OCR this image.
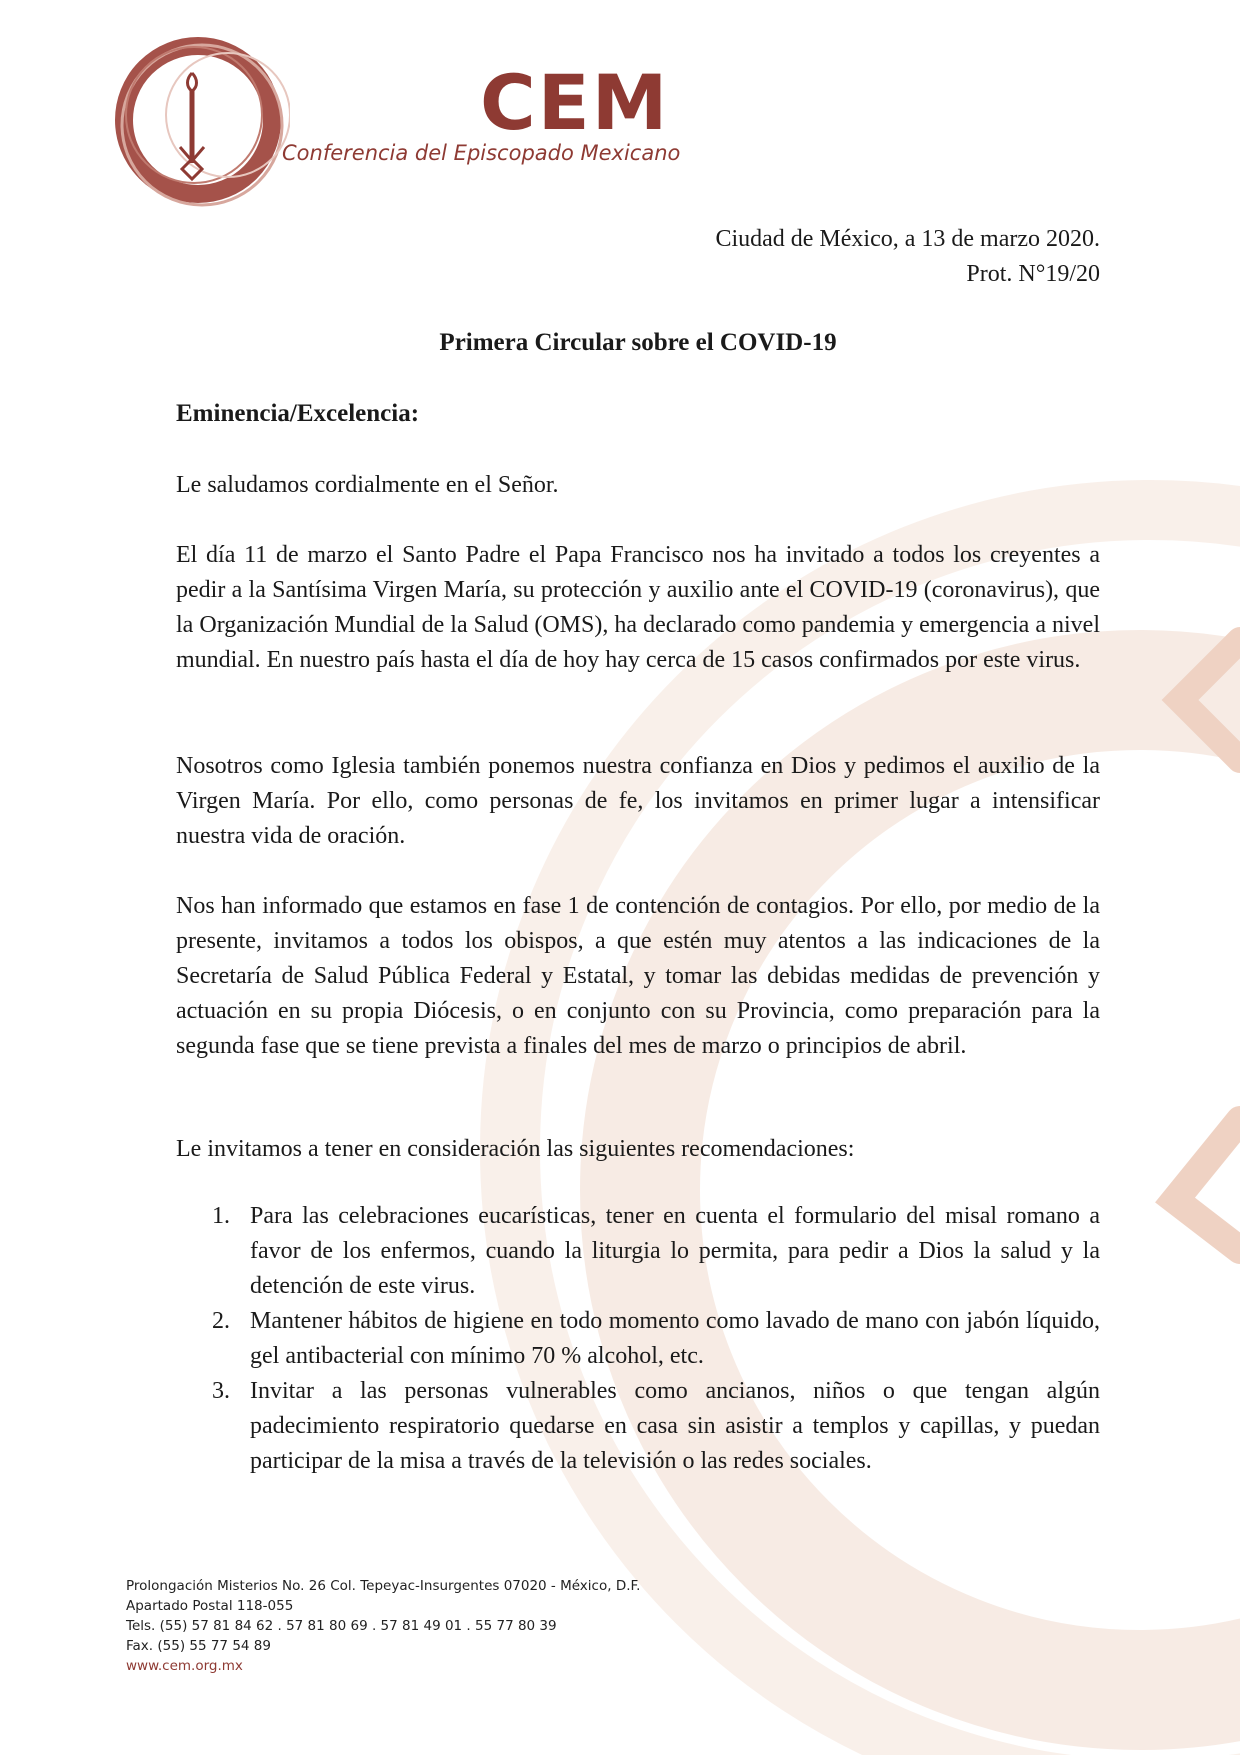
CEM
Conferencia del Episcopado Mexicano
Ciudad de México, a 13 de marzo 2020.
Prot. N°19/20
Primera Circular sobre el COVID-19
Eminencia/Excelencia:

Le saludamos cordialmente en el Señor.

El día 11 de marzo el Santo Padre el Papa Francisco nos ha invitado a todos los creyentes a pedir a la Santísima Virgen María, su protección y auxilio ante el COVID-19 (coronavirus), que la Organización Mundial de la Salud (OMS), ha declarado como pandemia y emergencia a nivel mundial. En nuestro país hasta el día de hoy hay cerca de 15 casos confirmados por este virus.

Nosotros como Iglesia también ponemos nuestra confianza en Dios y pedimos el auxilio de la Virgen María. Por ello, como personas de fe, los invitamos en primer lugar a intensificar nuestra vida de oración.

Nos han informado que estamos en fase 1 de contención de contagios. Por ello, por medio de la presente, invitamos a todos los obispos, a que estén muy atentos a las indicaciones de la Secretaría de Salud Pública Federal y Estatal, y tomar las debidas medidas de prevención y actuación en su propia Diócesis, o en conjunto con su Provincia, como preparación para la segunda fase que se tiene prevista a finales del mes de marzo o principios de abril.

Le invitamos a tener en consideración las siguientes recomendaciones:

1. Para las celebraciones eucarísticas, tener en cuenta el formulario del misal romano a favor de los enfermos, cuando la liturgia lo permita, para pedir a Dios la salud y la detención de este virus.
2. Mantener hábitos de higiene en todo momento como lavado de mano con jabón líquido, gel antibacterial con mínimo 70 % alcohol, etc.
3. Invitar a las personas vulnerables como ancianos, niños o que tengan algún padecimiento respiratorio quedarse en casa sin asistir a templos y capillas, y puedan participar de la misa a través de la televisión o las redes sociales.
Prolongación Misterios No. 26 Col. Tepeyac-Insurgentes 07020 - México, D.F.
Apartado Postal 118-055
Tels. (55) 57 81 84 62 . 57 81 80 69 . 57 81 49 01 . 55 77 80 39
Fax. (55) 55 77 54 89
www.cem.org.mx
